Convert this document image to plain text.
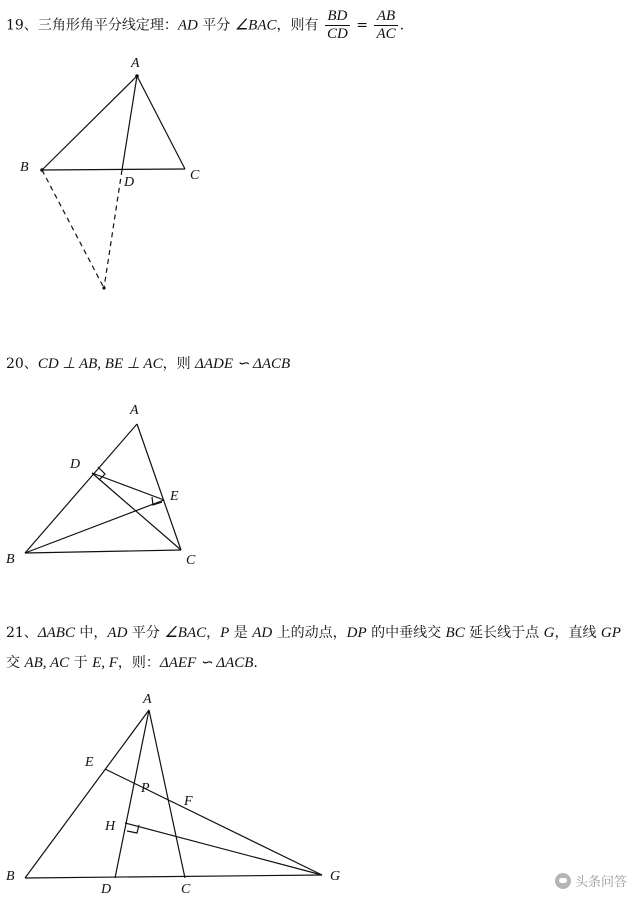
19、三角形角平分线定理：AD 平分 ∠BAC，则有 $\frac{BD}{CD} = \frac{AB}{AC}$ .
A
B
C
D
20、CD ⊥ AB, BE ⊥ AC，则 ΔADE ∽ ΔACB
A
B	C
D
E
21、ΔABC 中，AD 平分 ∠BAC，P 是 AD 上的动点，DP 的中垂线交 BC 延长线于点 G，直线 GP
交 AB, AC 于 E, F，则：ΔAEF ∽ ΔACB.
A
B
C
D
E
F
G
H
P
头条问答
